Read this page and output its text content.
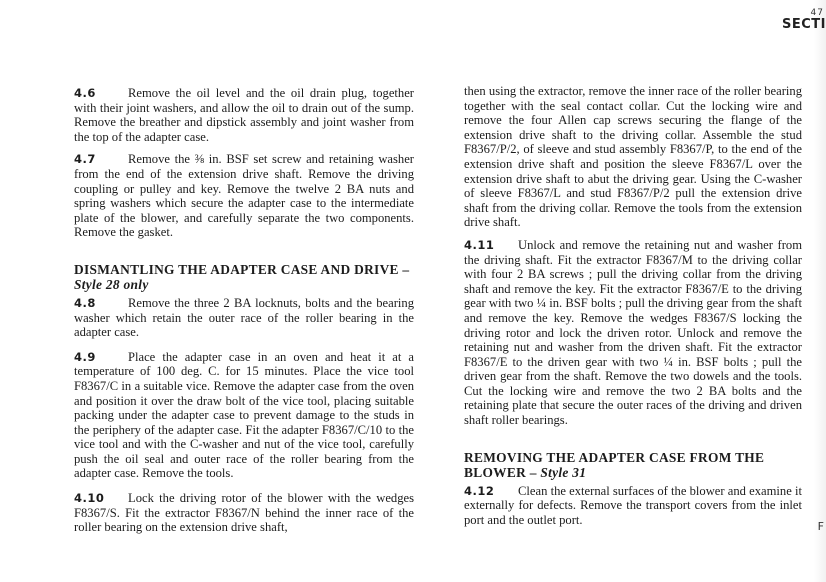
47
SECTI
F

4.6	Remove the oil level and the oil drain plug, together with their joint washers, and allow the oil to drain out of the sump. Remove the breather and dipstick assembly and joint washer from the top of the adapter case.

4.7	Remove the ⅜ in. BSF set screw and retaining washer from the end of the extension drive shaft. Remove the driving coupling or pulley and key. Remove the twelve 2 BA nuts and spring washers which secure the adapter case to the intermediate plate of the blower, and carefully separate the two components. Remove the gasket.

DISMANTLING THE ADAPTER CASE AND DRIVE –
Style 28 only

4.8	Remove the three 2 BA locknuts, bolts and the bearing washer which retain the outer race of the roller bearing in the adapter case.

4.9	Place the adapter case in an oven and heat it at a temperature of 100 deg. C. for 15 minutes. Place the vice tool F8367/C in a suitable vice. Remove the adapter case from the oven and position it over the draw bolt of the vice tool, placing suitable packing under the adapter case to prevent damage to the studs in the periphery of the adapter case. Fit the adapter F8367/C/10 to the vice tool and with the C-washer and nut of the vice tool, carefully push the oil seal and outer race of the roller bearing from the adapter case. Remove the tools.

4.10 Lock the driving rotor of the blower with the wedges F8367/S. Fit the extractor F8367/N behind the inner race of the roller bearing on the extension drive shaft,

then using the extractor, remove the inner race of the roller bearing together with the seal contact collar. Cut the locking wire and remove the four Allen cap screws securing the flange of the extension drive shaft to the driving collar. Assemble the stud F8367/P/2, of sleeve and stud assembly F8367/P, to the end of the extension drive shaft and position the sleeve F8367/L over the extension drive shaft to abut the driving gear. Using the C-washer of sleeve F8367/L and stud F8367/P/2 pull the extension drive shaft from the driving collar. Remove the tools from the extension drive shaft.

4.11 Unlock and remove the retaining nut and washer from the driving shaft. Fit the extractor F8367/M to the driving collar with four 2 BA screws ; pull the driving collar from the driving shaft and remove the key. Fit the extractor F8367/E to the driving gear with two ¼ in. BSF bolts ; pull the driving gear from the shaft and remove the key. Remove the wedges F8367/S locking the driving rotor and lock the driven rotor. Unlock and remove the retaining nut and washer from the driven shaft. Fit the extractor F8367/E to the driven gear with two ¼ in. BSF bolts ; pull the driven gear from the shaft. Remove the two dowels and the tools. Cut the locking wire and remove the two 2 BA bolts and the retaining plate that secure the outer races of the driving and driven shaft roller bearings.

REMOVING THE ADAPTER CASE FROM THE BLOWER – Style 31

4.12 Clean the external surfaces of the blower and examine it externally for defects. Remove the transport covers from the inlet port and the outlet port.
